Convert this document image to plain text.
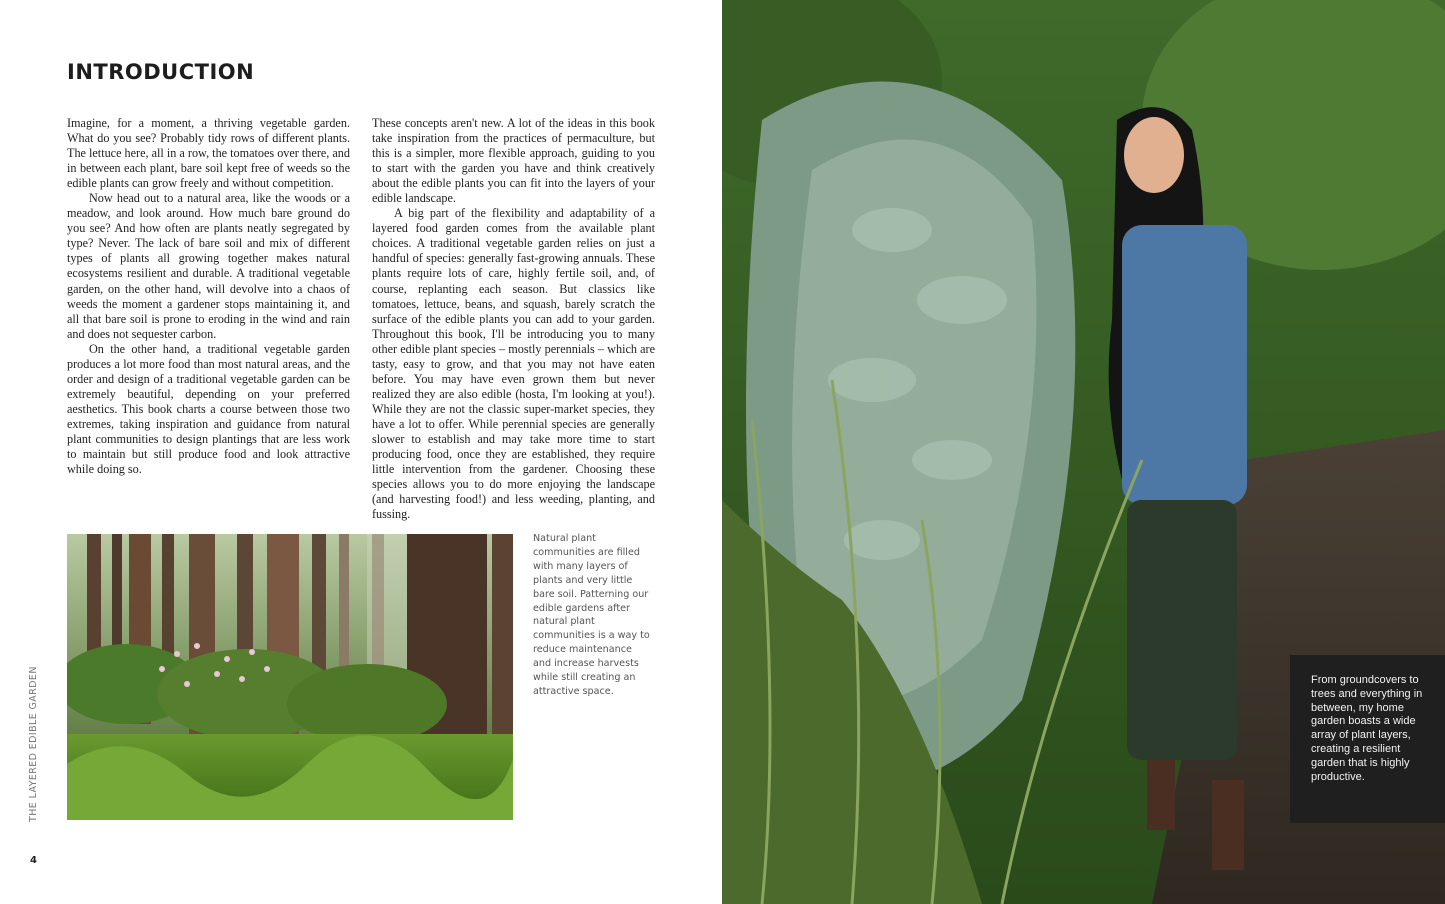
INTRODUCTION

Imagine, for a moment, a thriving vegetable garden. What do you see? Probably tidy rows of different plants. The lettuce here, all in a row, the tomatoes over there, and in between each plant, bare soil kept free of weeds so the edible plants can grow freely and without competition.

Now head out to a natural area, like the woods or a meadow, and look around. How much bare ground do you see? And how often are plants neatly segregated by type? Never. The lack of bare soil and mix of different types of plants all growing together makes natural ecosystems resilient and durable. A traditional vegetable garden, on the other hand, will devolve into a chaos of weeds the moment a gardener stops maintaining it, and all that bare soil is prone to eroding in the wind and rain and does not sequester carbon.

On the other hand, a traditional vegetable garden produces a lot more food than most natural areas, and the order and design of a traditional vegetable garden can be extremely beautiful, depending on your preferred aesthetics. This book charts a course between those two extremes, taking inspiration and guidance from natural plant communities to design plantings that are less work to maintain but still produce food and look attractive while doing so.

These concepts aren't new. A lot of the ideas in this book take inspiration from the practices of permaculture, but this is a simpler, more flexible approach, guiding to you to start with the garden you have and think creatively about the edible plants you can fit into the layers of your edible landscape.

A big part of the flexibility and adaptability of a layered food garden comes from the available plant choices. A traditional vegetable garden relies on just a handful of species: generally fast-growing annuals. These plants require lots of care, highly fertile soil, and, of course, replanting each season. But classics like tomatoes, lettuce, beans, and squash, barely scratch the surface of the edible plants you can add to your garden. Throughout this book, I'll be introducing you to many other edible plant species – mostly perennials – which are tasty, easy to grow, and that you may not have eaten before. You may have even grown them but never realized they are also edible (hosta, I'm looking at you!). While they are not the classic super-market species, they have a lot to offer. While perennial species are generally slower to establish and may take more time to start producing food, once they are established, they require little intervention from the gardener. Choosing these species allows you to do more enjoying the landscape (and harvesting food!) and less weeding, planting, and fussing.

Natural plant communities are filled with many layers of plants and very little bare soil. Patterning our edible gardens after natural plant communities is a way to reduce maintenance and increase harvests while still creating an attractive space.
THE LAYERED EDIBLE GARDEN
4
From groundcovers to trees and everything in between, my home garden boasts a wide array of plant layers, creating a resilient garden that is highly productive.
